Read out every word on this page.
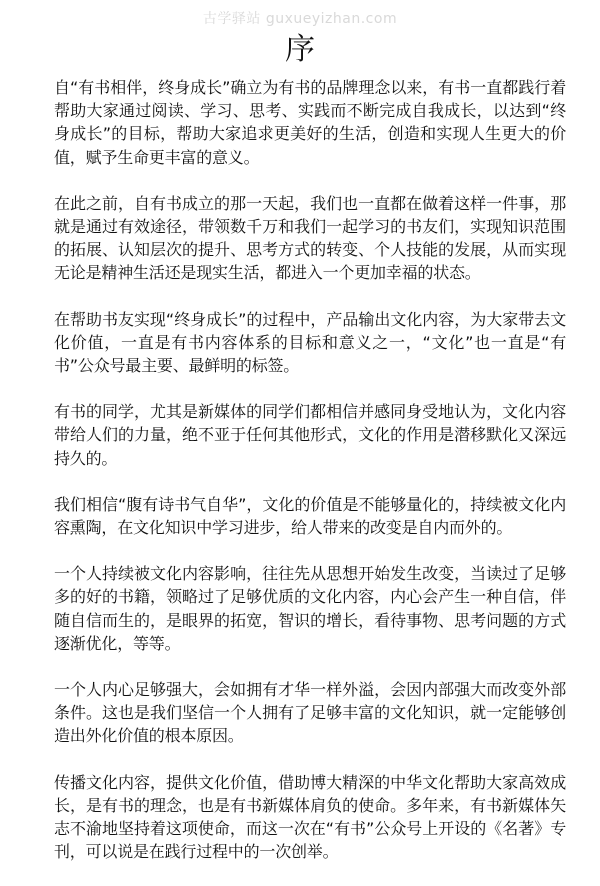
古学驿站 guxueyizhan.com
序

自“有书相伴，终身成长”确立为有书的品牌理念以来，有书一直都践行着帮助大家通过阅读、学习、思考、实践而不断完成自我成长，以达到“终身成长”的目标，帮助大家追求更美好的生活，创造和实现人生更大的价值，赋予生命更丰富的意义。

在此之前，自有书成立的那一天起，我们也一直都在做着这样一件事，那就是通过有效途径，带领数千万和我们一起学习的书友们，实现知识范围的拓展、认知层次的提升、思考方式的转变、个人技能的发展，从而实现无论是精神生活还是现实生活，都进入一个更加幸福的状态。

在帮助书友实现“终身成长”的过程中，产品输出文化内容，为大家带去文化价值，一直是有书内容体系的目标和意义之一，“文化”也一直是“有书”公众号最主要、最鲜明的标签。

有书的同学，尤其是新媒体的同学们都相信并感同身受地认为，文化内容带给人们的力量，绝不亚于任何其他形式，文化的作用是潜移默化又深远持久的。

我们相信“腹有诗书气自华”，文化的价值是不能够量化的，持续被文化内容熏陶，在文化知识中学习进步，给人带来的改变是自内而外的。

一个人持续被文化内容影响，往往先从思想开始发生改变，当读过了足够多的好的书籍，领略过了足够优质的文化内容，内心会产生一种自信，伴随自信而生的，是眼界的拓宽，智识的增长，看待事物、思考问题的方式逐渐优化，等等。

一个人内心足够强大，会如拥有才华一样外溢，会因内部强大而改变外部条件。这也是我们坚信一个人拥有了足够丰富的文化知识，就一定能够创造出外化价值的根本原因。

传播文化内容，提供文化价值，借助博大精深的中华文化帮助大家高效成长，是有书的理念，也是有书新媒体肩负的使命。多年来，有书新媒体矢志不渝地坚持着这项使命，而这一次在“有书”公众号上开设的《名著》专刊，可以说是在践行过程中的一次创举。
